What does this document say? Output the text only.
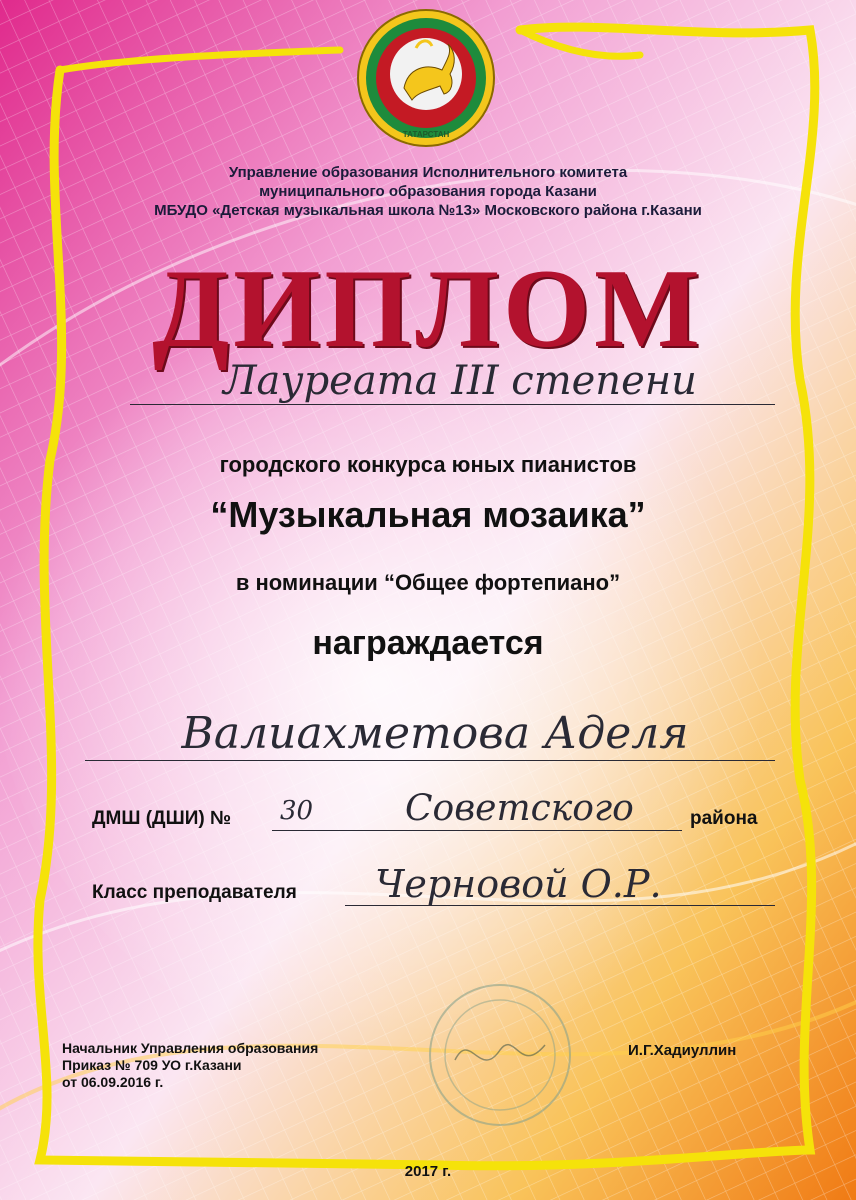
ТАТАРСТАН
Управление образования Исполнительного комитета
муниципального образования города Казани
МБУДО «Детская музыкальная школа №13» Московского района г.Казани
ДИПЛОМ
Лауреата III степени
городского конкурса юных пианистов
“Музыкальная мозаика”
в номинации “Общее фортепиано”
награждается
Валиахметова Аделя
ДМШ (ДШИ) № 30	Советского	района
Класс преподавателя Черновой О.Р.
Начальник Управления образования
Приказ № 709 УО г.Казани
от 06.09.2016 г.
И.Г.Хадиуллин
2017 г.
